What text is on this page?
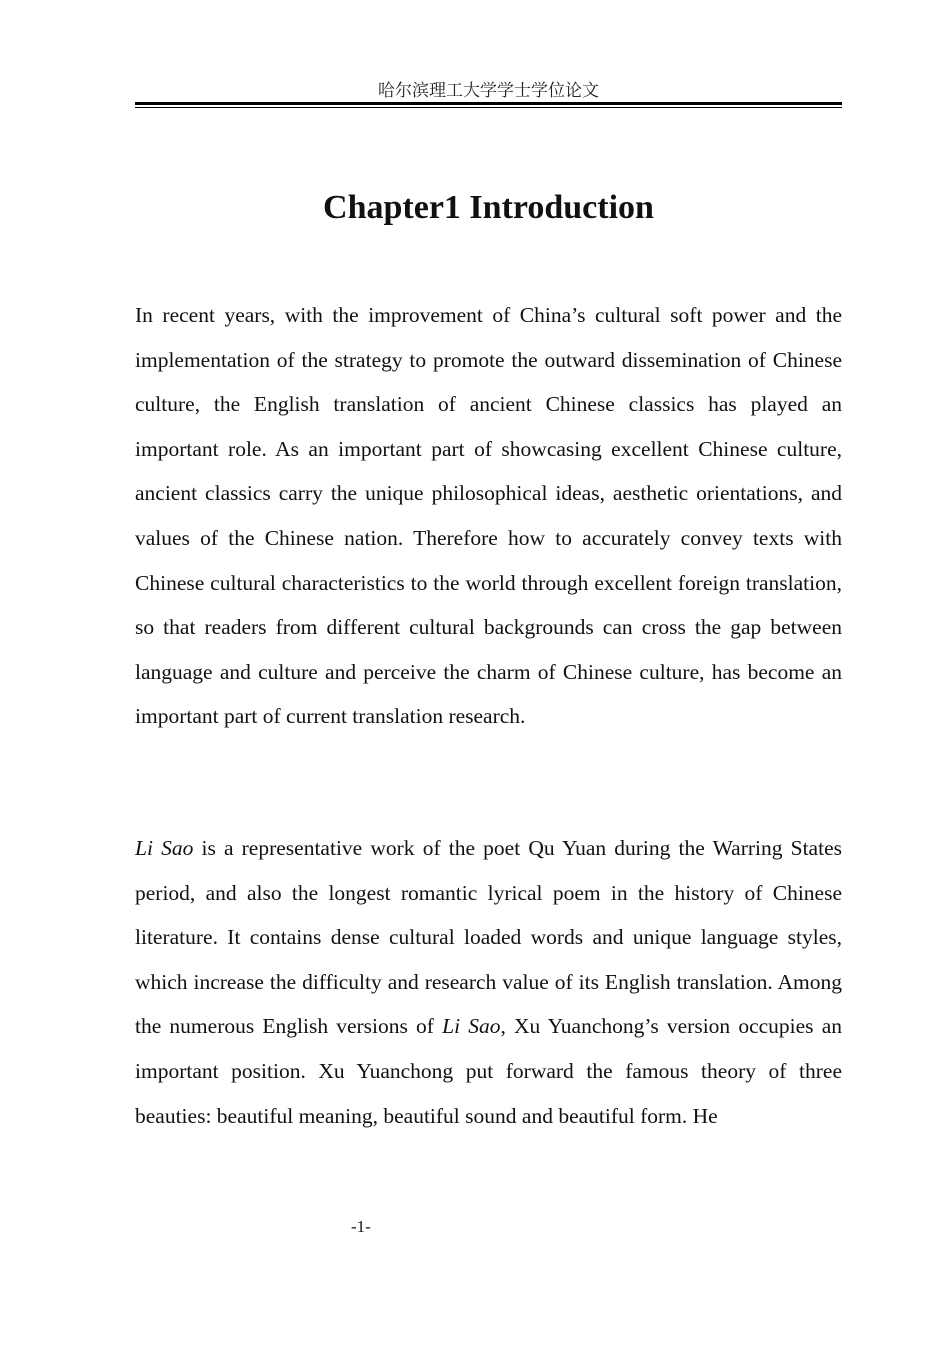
哈尔滨理工大学学士学位论文
Chapter1 Introduction

In recent years, with the improvement of China’s cultural soft power and the implementation of the strategy to promote the outward dissemination of Chinese culture, the English translation of ancient Chinese classics has played an important role. As an important part of showcasing excellent Chinese culture, ancient classics carry the unique philosophical ideas, aesthetic orientations, and values of the Chinese nation. Therefore how to accurately convey texts with Chinese cultural characteristics to the world through excellent foreign translation, so that readers from different cultural backgrounds can cross the gap between language and culture and perceive the charm of Chinese culture, has become an important part of current translation research.

Li Sao is a representative work of the poet Qu Yuan during the Warring States period, and also the longest romantic lyrical poem in the history of Chinese literature. It contains dense cultural loaded words and unique language styles, which increase the difficulty and research value of its English translation. Among the numerous English versions of Li Sao, Xu Yuanchong’s version occupies an important position. Xu Yuanchong put forward the famous theory of three beauties: beautiful meaning, beautiful sound and beautiful form. He

-1-
